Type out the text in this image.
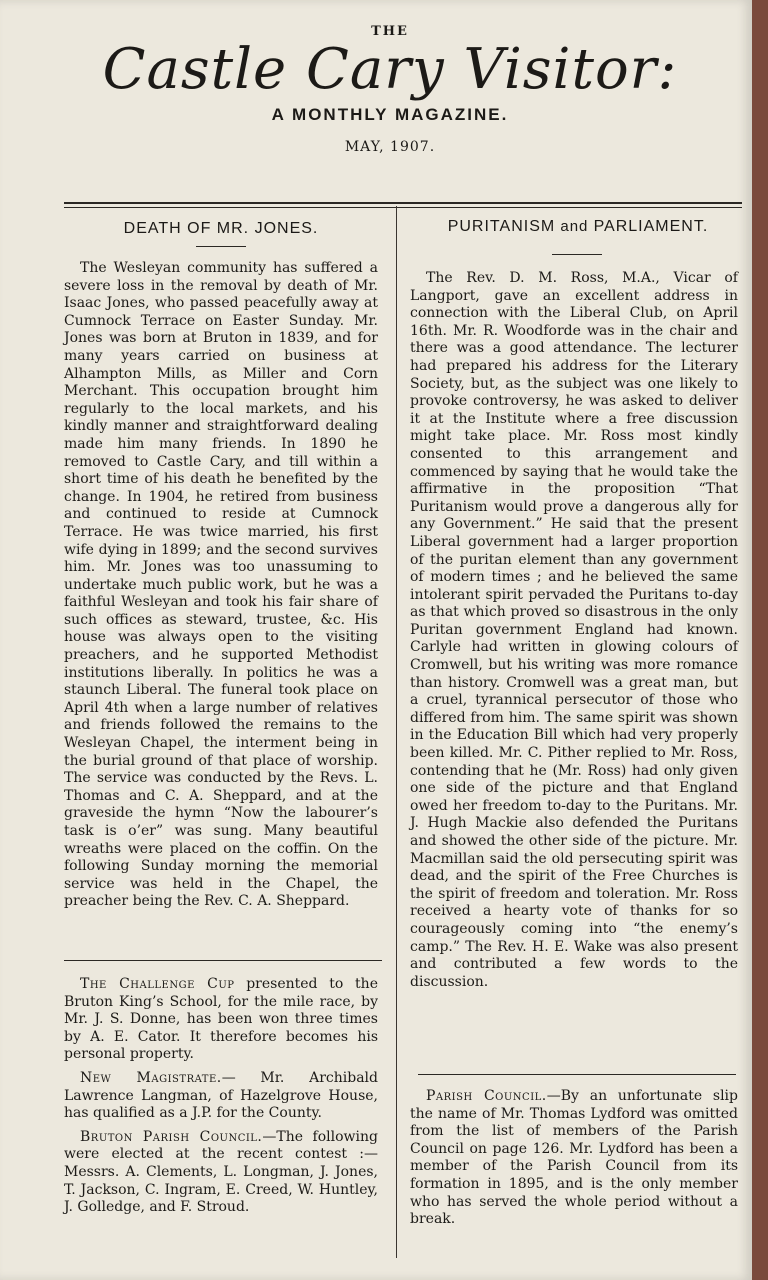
THE
Castle Cary Visitor:
A MONTHLY MAGAZINE.
MAY, 1907.
DEATH OF MR. JONES.

The Wesleyan community has suffered a severe loss in the removal by death of Mr. Isaac Jones, who passed peacefully away at Cumnock Terrace on Easter Sunday. Mr. Jones was born at Bruton in 1839, and for many years carried on business at Alhampton Mills, as Miller and Corn Merchant. This occupation brought him regularly to the local markets, and his kindly manner and straightforward dealing made him many friends. In 1890 he removed to Castle Cary, and till within a short time of his death he benefited by the change. In 1904, he retired from business and continued to reside at Cumnock Terrace. He was twice married, his first wife dying in 1899; and the second survives him. Mr. Jones was too unassuming to undertake much public work, but he was a faithful Wesleyan and took his fair share of such offices as steward, trustee, &c. His house was always open to the visiting preachers, and he supported Methodist institutions liberally. In politics he was a staunch Liberal. The funeral took place on April 4th when a large number of relatives and friends followed the remains to the Wesleyan Chapel, the interment being in the burial ground of that place of worship. The service was conducted by the Revs. L. Thomas and C. A. Sheppard, and at the graveside the hymn “Now the labourer’s task is o’er” was sung. Many beautiful wreaths were placed on the coffin. On the following Sunday morning the memorial service was held in the Chapel, the preacher being the Rev. C. A. Sheppard.

The Challenge Cup presented to the Bruton King’s School, for the mile race, by Mr. J. S. Donne, has been won three times by A. E. Cator. It therefore becomes his personal property.

New Magistrate.— Mr. Archibald Lawrence Langman, of Hazelgrove House, has qualified as a J.P. for the County.

Bruton Parish Council.—The following were elected at the recent contest :— Messrs. A. Clements, L. Longman, J. Jones, T. Jackson, C. Ingram, E. Creed, W. Huntley, J. Golledge, and F. Stroud.

PURITANISM and PARLIAMENT.

The Rev. D. M. Ross, M.A., Vicar of Langport, gave an excellent address in connection with the Liberal Club, on April 16th. Mr. R. Woodforde was in the chair and there was a good attendance. The lecturer had prepared his address for the Literary Society, but, as the subject was one likely to provoke controversy, he was asked to deliver it at the Institute where a free discussion might take place. Mr. Ross most kindly consented to this arrangement and commenced by saying that he would take the affirmative in the proposition “That Puritanism would prove a dangerous ally for any Government.” He said that the present Liberal government had a larger proportion of the puritan element than any government of modern times ; and he believed the same intolerant spirit pervaded the Puritans to-day as that which proved so disastrous in the only Puritan government England had known. Carlyle had written in glowing colours of Cromwell, but his writing was more romance than history. Cromwell was a great man, but a cruel, tyrannical persecutor of those who differed from him. The same spirit was shown in the Education Bill which had very properly been killed. Mr. C. Pither replied to Mr. Ross, contending that he (Mr. Ross) had only given one side of the picture and that England owed her freedom to-day to the Puritans. Mr. J. Hugh Mackie also defended the Puritans and showed the other side of the picture. Mr. Macmillan said the old persecuting spirit was dead, and the spirit of the Free Churches is the spirit of freedom and toleration. Mr. Ross received a hearty vote of thanks for so courageously coming into “the enemy’s camp.” The Rev. H. E. Wake was also present and contributed a few words to the discussion.

Parish Council.—By an unfortunate slip the name of Mr. Thomas Lydford was omitted from the list of members of the Parish Council on page 126. Mr. Lydford has been a member of the Parish Council from its formation in 1895, and is the only member who has served the whole period without a break.
